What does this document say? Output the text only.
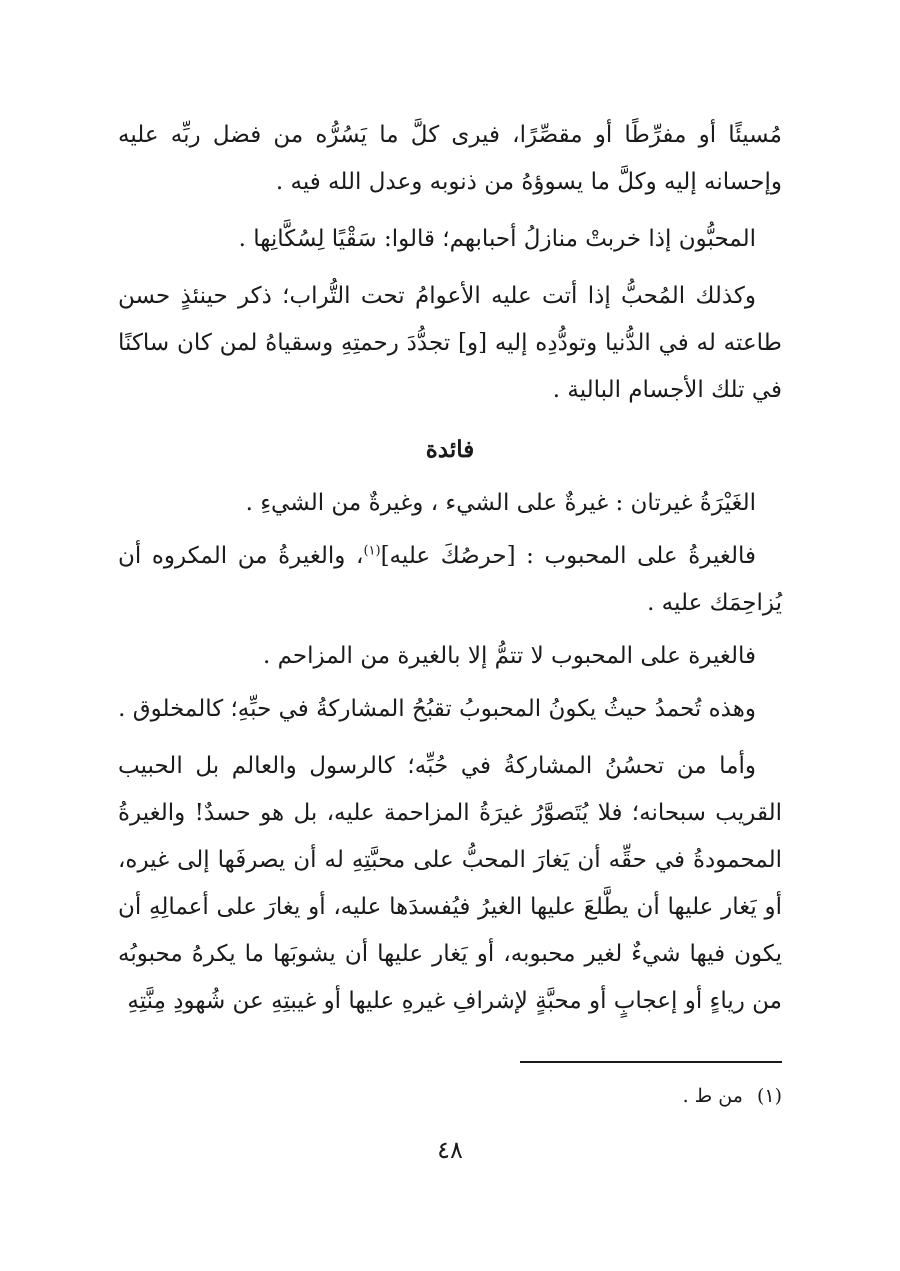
مُسيئًا أو مفرِّطًا أو مقصِّرًا، فيرى كلَّ ما يَسُرُّه من فضل ربِّه عليه وإحسانه إليه وكلَّ ما يسوؤهُ من ذنوبه وعدل الله فيه .

المحبُّون إذا خربتْ منازلُ أحبابهم؛ قالوا: سَقْيًا لِسُكَّانِها .

وكذلك المُحبُّ إذا أتت عليه الأعوامُ تحت التُّراب؛ ذكر حينئذٍ حسن طاعته له في الدُّنيا وتودُّدِه إليه [و] تجدُّدَ رحمتِهِ وسقياهُ لمن كان ساكنًا في تلك الأجسام البالية .

فائدة

الغَيْرَةُ غيرتان : غيرةٌ على الشيء ، وغيرةٌ من الشيءِ .

فالغيرةُ على المحبوب : [حرصُكَ عليه]$^{(١)}$، والغيرةُ من المكروه أن يُزاحِمَك عليه .

فالغيرة على المحبوب لا تتمُّ إلا بالغيرة من المزاحم .

وهذه تُحمدُ حيثُ يكونُ المحبوبُ تقبُحُ المشاركةُ في حبِّهِ؛ كالمخلوق .

وأما من تحسُنُ المشاركةُ في حُبِّه؛ كالرسول والعالم بل الحبيب القريب سبحانه؛ فلا يُتَصوَّرُ غيرَةُ المزاحمة عليه، بل هو حسدٌ! والغيرةُ المحمودةُ في حقِّه أن يَغارَ المحبُّ على محبَّتِهِ له أن يصرفَها إلى غيره، أو يَغار عليها أن يطَّلعَ عليها الغيرُ فيُفسدَها عليه، أو يغارَ على أعمالِهِ أن يكون فيها شيءٌ لغير محبوبه، أو يَغار عليها أن يشوبَها ما يكرهُ محبوبُه من رياءٍ أو إعجابٍ أو محبَّةٍ لإشرافِ غيرهِ عليها أو غيبتِهِ عن شُهودِ مِنَّتِهِ

(١)من ط .

٤٨
